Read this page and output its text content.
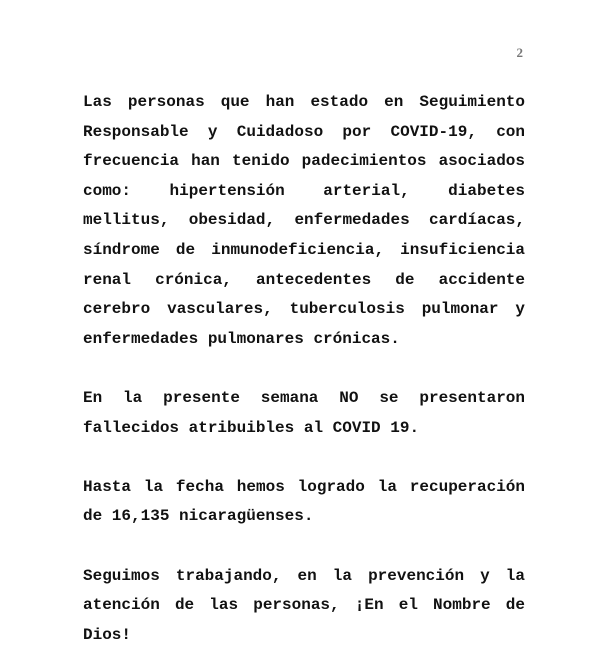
2

Las personas que han estado en Seguimiento Responsable y Cuidadoso por COVID-19, con frecuencia han tenido padecimientos asociados como: hipertensión arterial, diabetes mellitus, obesidad, enfermedades cardíacas, síndrome de inmunodeficiencia, insuficiencia renal crónica, antecedentes de accidente cerebro vasculares, tuberculosis pulmonar y enfermedades pulmonares crónicas.

En la presente semana NO se presentaron fallecidos atribuibles al COVID 19.

Hasta la fecha hemos logrado la recuperación de 16,135 nicaragüenses.

Seguimos trabajando, en la prevención y la atención de las personas, ¡En el Nombre de Dios!
